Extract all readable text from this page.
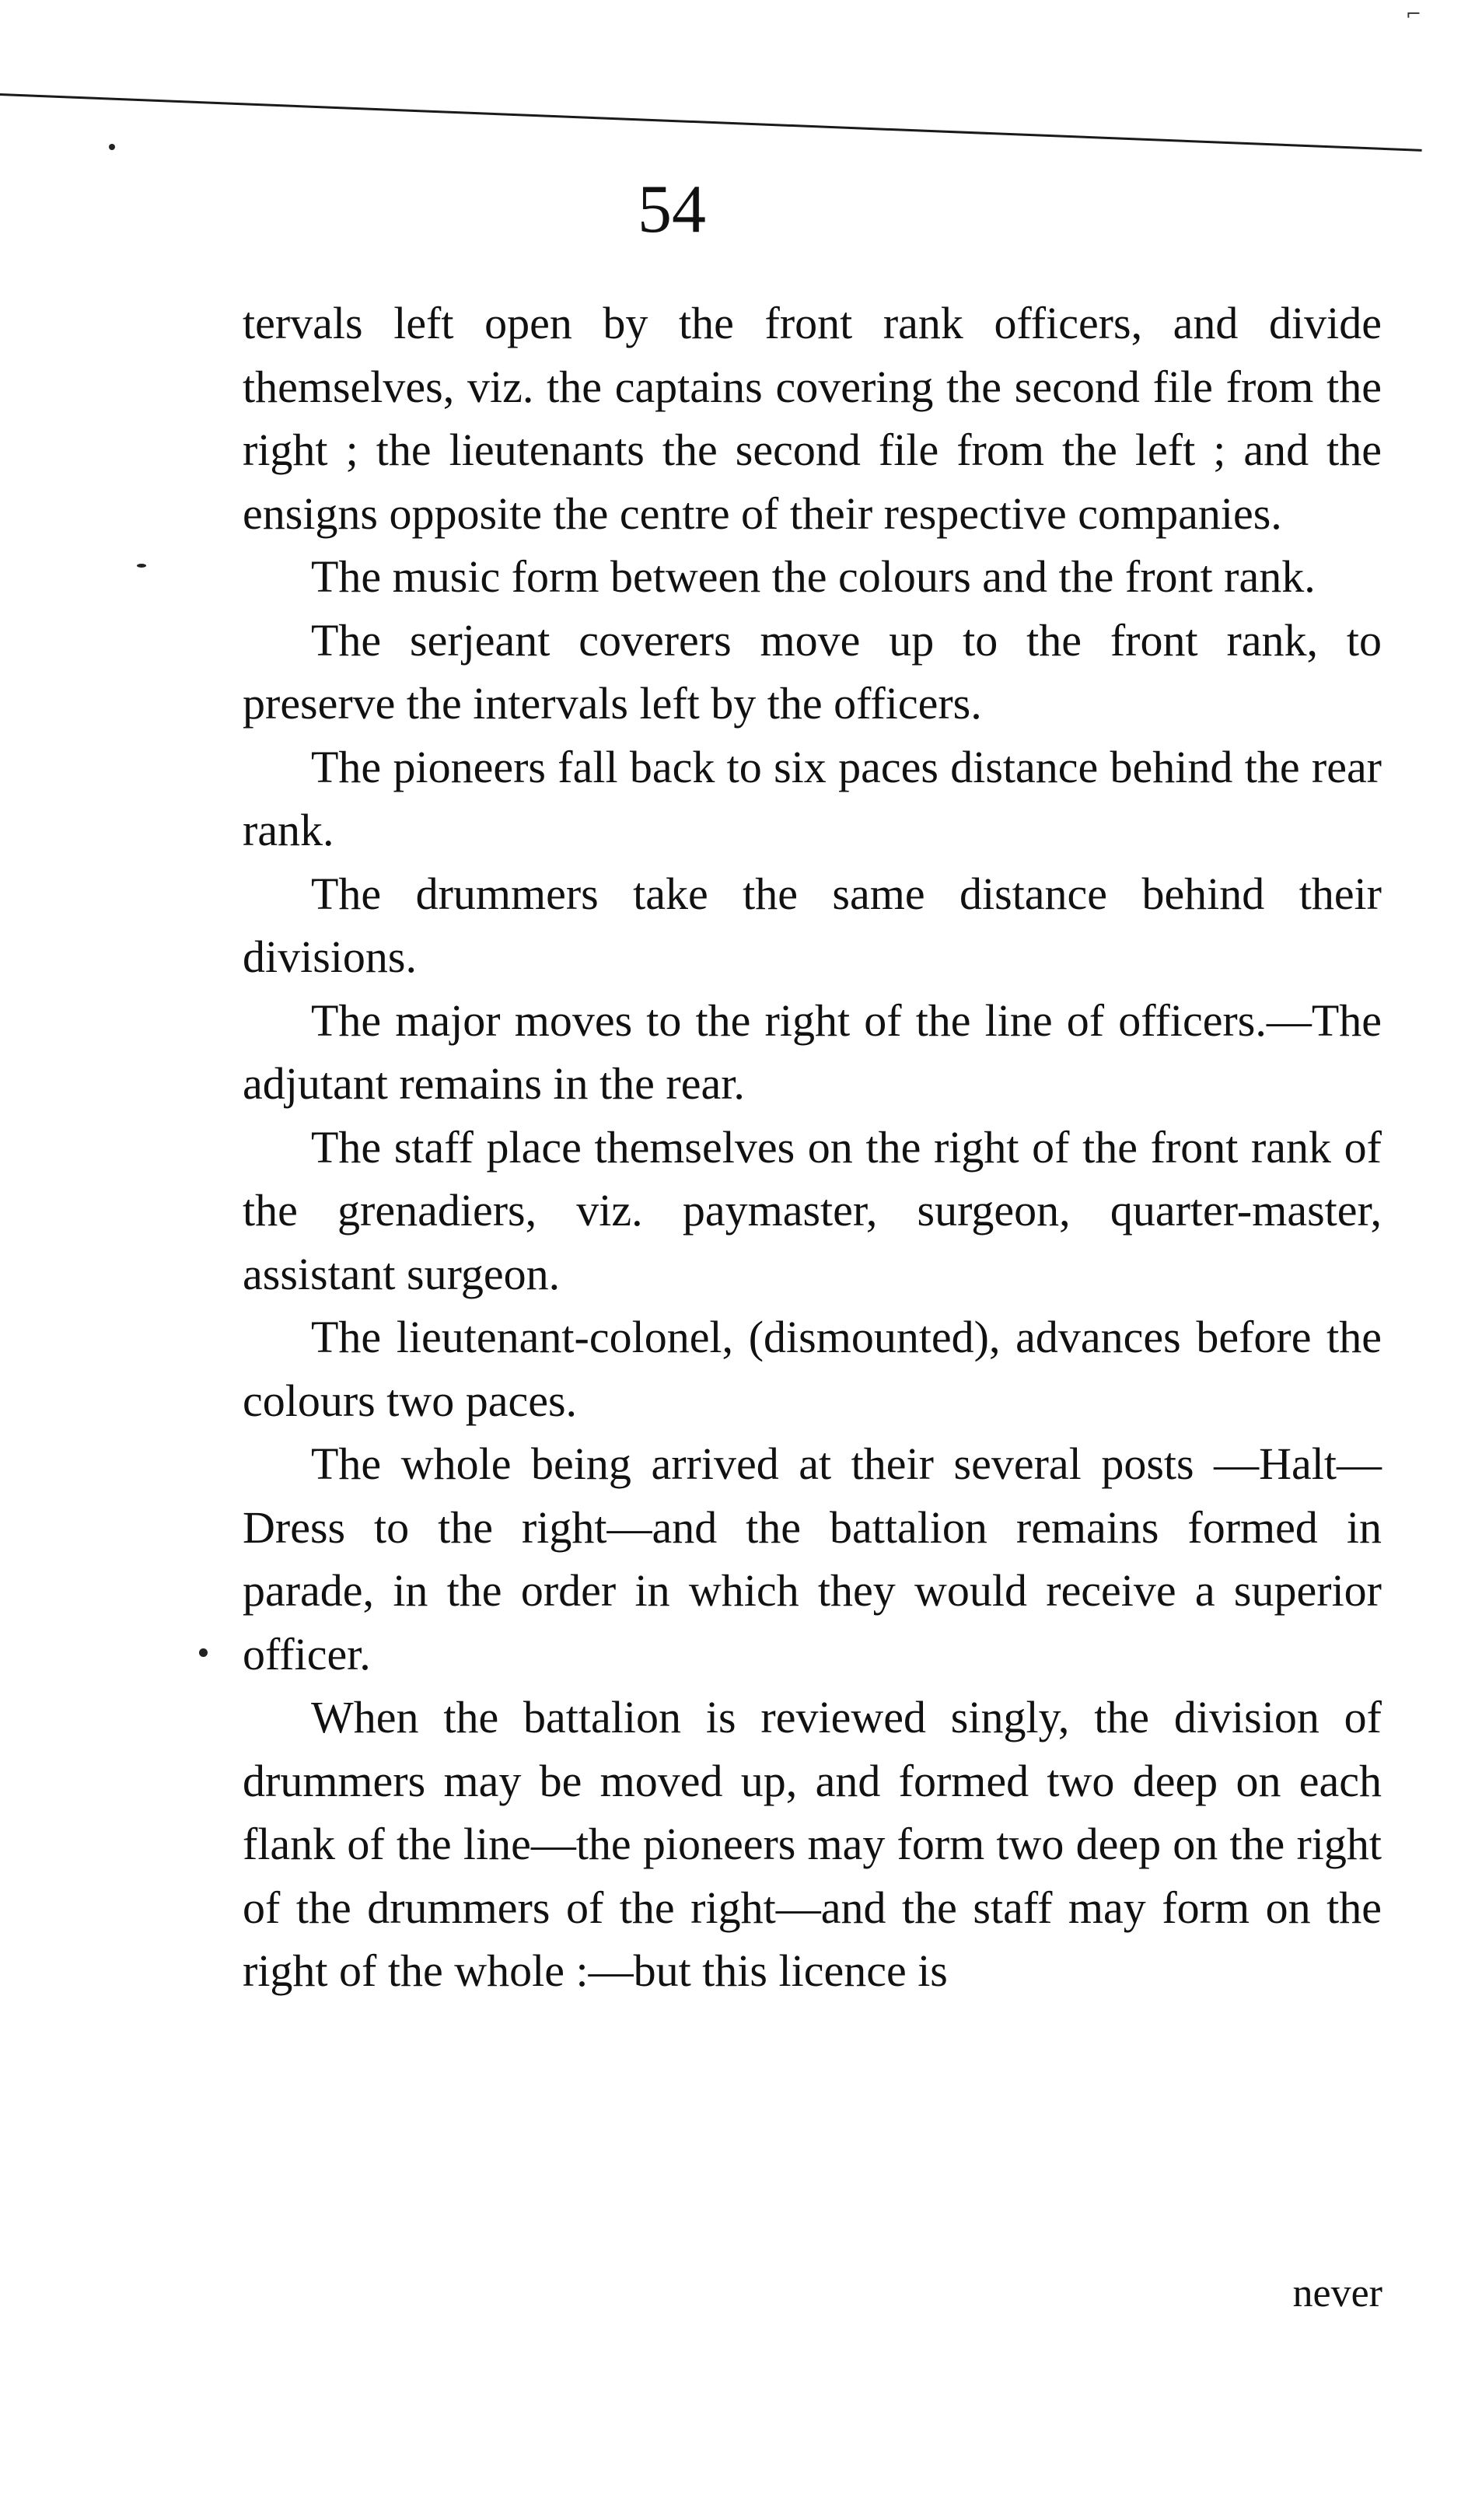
⌐
54

tervals left open by the front rank officers, and divide themselves, viz. the captains covering the second file from the right ; the lieutenants the second file from the left ; and the ensigns opposite the centre of their respective companies.

The music form between the colours and the front rank.

The serjeant coverers move up to the front rank, to preserve the intervals left by the officers.

The pioneers fall back to six paces distance behind the rear rank.

The drummers take the same distance behind their divisions.

The major moves to the right of the line of officers.—The adjutant remains in the rear.

The staff place themselves on the right of the front rank of the grenadiers, viz. paymaster, surgeon, quarter-master, assistant surgeon.

The lieutenant-colonel, (dismounted), advances before the colours two paces.

The whole being arrived at their several posts —Halt—Dress to the right—and the battalion remains formed in parade, in the order in which they would receive a superior officer.

When the battalion is reviewed singly, the division of drummers may be moved up, and formed two deep on each flank of the line—the pioneers may form two deep on the right of the drummers of the right—and the staff may form on the right of the whole :—but this licence is

never
